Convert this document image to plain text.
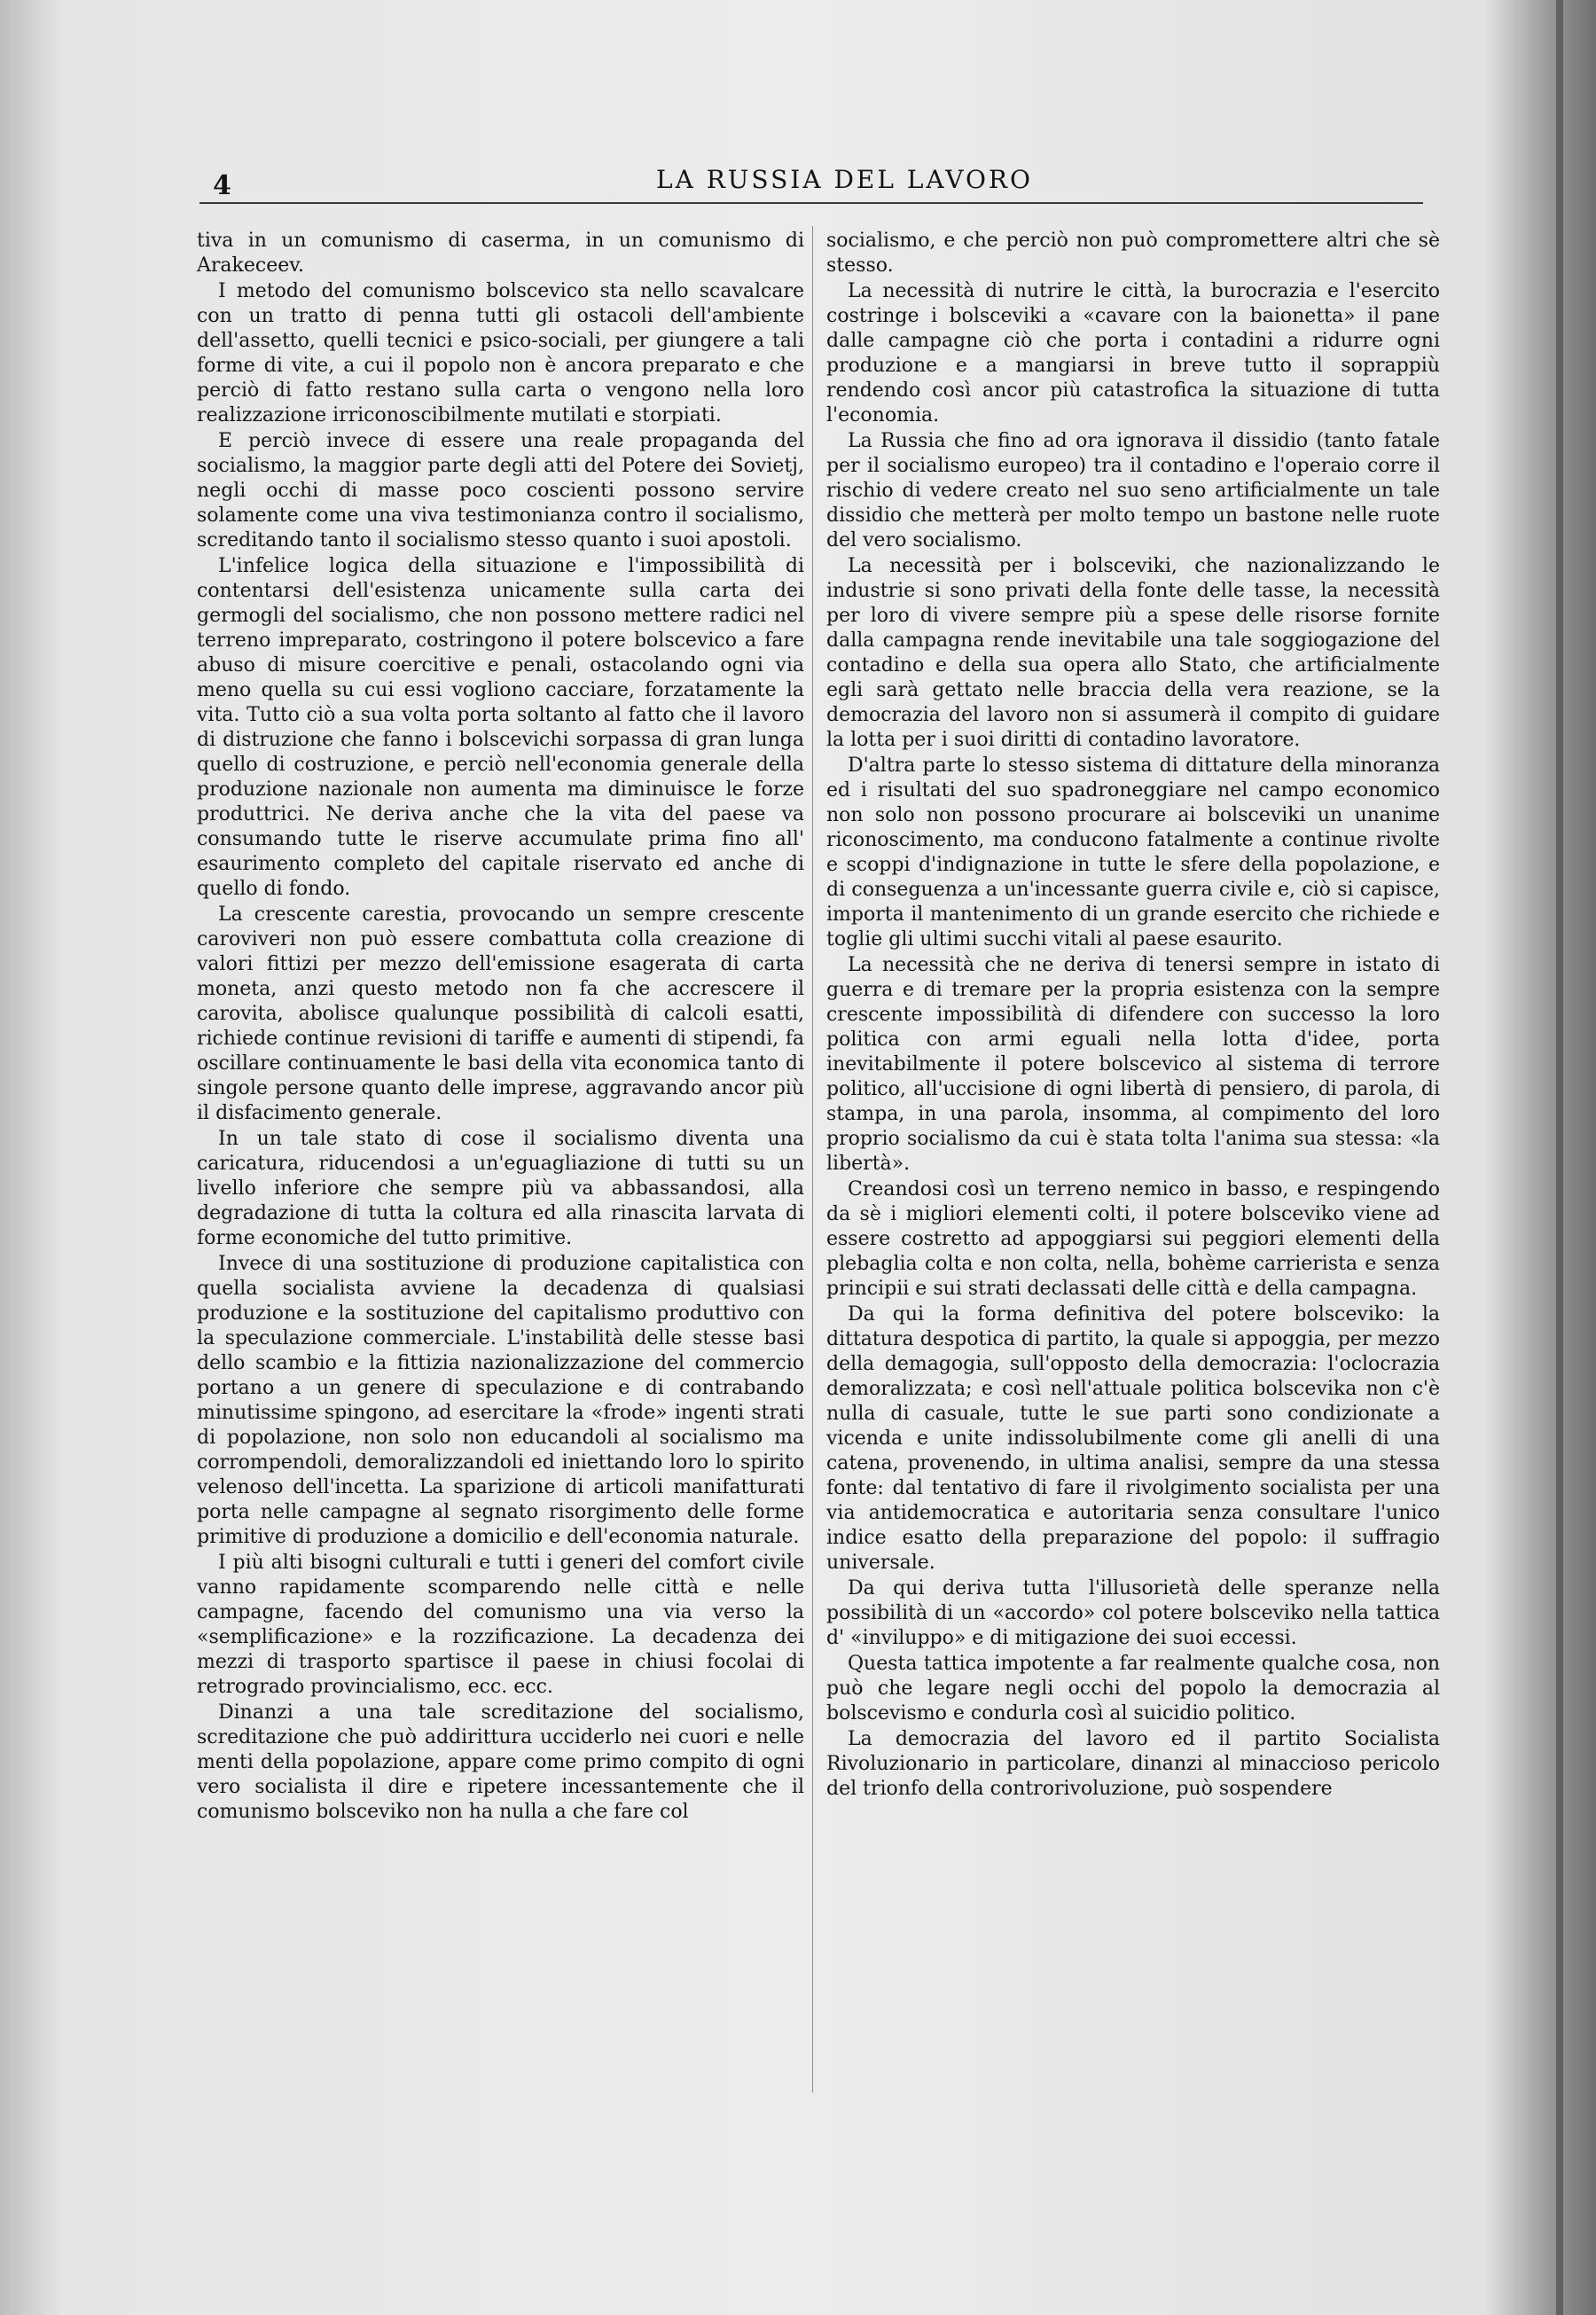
4	LA RUSSIA DEL LAVORO

tiva in un comunismo di caserma, in un comunismo di Arakeceev.

I metodo del comunismo bolscevico sta nello scavalcare con un tratto di penna tutti gli ostacoli dell'ambiente dell'assetto, quelli tecnici e psico-sociali, per giungere a tali forme di vite, a cui il popolo non è ancora preparato e che perciò di fatto restano sulla carta o vengono nella loro realizzazione irriconoscibilmente mutilati e storpiati.

E perciò invece di essere una reale propaganda del socialismo, la maggior parte degli atti del Potere dei Sovietj, negli occhi di masse poco coscienti possono servire solamente come una viva testimonianza contro il socialismo, screditando tanto il socialismo stesso quanto i suoi apostoli.

L'infelice logica della situazione e l'impossibilità di contentarsi dell'esistenza unicamente sulla carta dei germogli del socialismo, che non possono mettere radici nel terreno impreparato, costringono il potere bolscevico a fare abuso di misure coercitive e penali, ostacolando ogni via meno quella su cui essi vogliono cacciare, forzatamente la vita. Tutto ciò a sua volta porta soltanto al fatto che il lavoro di distruzione che fanno i bolscevichi sorpassa di gran lunga quello di costruzione, e perciò nell'economia generale della produzione nazionale non aumenta ma diminuisce le forze produttrici. Ne deriva anche che la vita del paese va consumando tutte le riserve accumulate prima fino all' esaurimento completo del capitale riservato ed anche di quello di fondo.

La crescente carestia, provocando un sempre crescente caroviveri non può essere combattuta colla creazione di valori fittizi per mezzo dell'emissione esagerata di carta moneta, anzi questo metodo non fa che accrescere il carovita, abolisce qualunque possibilità di calcoli esatti, richiede continue revisioni di tariffe e aumenti di stipendi, fa oscillare continuamente le basi della vita economica tanto di singole persone quanto delle imprese, aggravando ancor più il disfacimento generale.

In un tale stato di cose il socialismo diventa una caricatura, riducendosi a un'eguagliazione di tutti su un livello inferiore che sempre più va abbassandosi, alla degradazione di tutta la coltura ed alla rinascita larvata di forme economiche del tutto primitive.

Invece di una sostituzione di produzione capitalistica con quella socialista avviene la decadenza di qualsiasi produzione e la sostituzione del capitalismo produttivo con la speculazione commerciale. L'instabilità delle stesse basi dello scambio e la fittizia nazionalizzazione del commercio portano a un genere di speculazione e di contrabando minutissime spingono, ad esercitare la «frode» ingenti strati di popolazione, non solo non educandoli al socialismo ma corrompendoli, demoralizzandoli ed iniettando loro lo spirito velenoso dell'incetta. La sparizione di articoli manifatturati porta nelle campagne al segnato risorgimento delle forme primitive di produzione a domicilio e dell'economia naturale.

I più alti bisogni culturali e tutti i generi del comfort civile vanno rapidamente scomparendo nelle città e nelle campagne, facendo del comunismo una via verso la «semplificazione» e la rozzificazione. La decadenza dei mezzi di trasporto spartisce il paese in chiusi focolai di retrogrado provincialismo, ecc. ecc.

Dinanzi a una tale screditazione del socialismo, screditazione che può addirittura ucciderlo nei cuori e nelle menti della popolazione, appare come primo compito di ogni vero socialista il dire e ripetere incessantemente che il comunismo bolsceviko non ha nulla a che fare col

socialismo, e che perciò non può compromettere altri che sè stesso.

La necessità di nutrire le città, la burocrazia e l'esercito costringe i bolsceviki a «cavare con la baionetta» il pane dalle campagne ciò che porta i contadini a ridurre ogni produzione e a mangiarsi in breve tutto il soprappiù rendendo così ancor più catastrofica la situazione di tutta l'economia.

La Russia che fino ad ora ignorava il dissidio (tanto fatale per il socialismo europeo) tra il contadino e l'operaio corre il rischio di vedere creato nel suo seno artificialmente un tale dissidio che metterà per molto tempo un bastone nelle ruote del vero socialismo.

La necessità per i bolsceviki, che nazionalizzando le industrie si sono privati della fonte delle tasse, la necessità per loro di vivere sempre più a spese delle risorse fornite dalla campagna rende inevitabile una tale soggiogazione del contadino e della sua opera allo Stato, che artificialmente egli sarà gettato nelle braccia della vera reazione, se la democrazia del lavoro non si assumerà il compito di guidare la lotta per i suoi diritti di contadino lavoratore.

D'altra parte lo stesso sistema di dittature della minoranza ed i risultati del suo spadroneggiare nel campo economico non solo non possono procurare ai bolsceviki un unanime riconoscimento, ma conducono fatalmente a continue rivolte e scoppi d'indignazione in tutte le sfere della popolazione, e di conseguenza a un'incessante guerra civile e, ciò si capisce, importa il mantenimento di un grande esercito che richiede e toglie gli ultimi succhi vitali al paese esaurito.

La necessità che ne deriva di tenersi sempre in istato di guerra e di tremare per la propria esistenza con la sempre crescente impossibilità di difendere con successo la loro politica con armi eguali nella lotta d'idee, porta inevitabilmente il potere bolscevico al sistema di terrore politico, all'uccisione di ogni libertà di pensiero, di parola, di stampa, in una parola, insomma, al compimento del loro proprio socialismo da cui è stata tolta l'anima sua stessa: «la libertà».

Creandosi così un terreno nemico in basso, e respingendo da sè i migliori elementi colti, il potere bolsceviko viene ad essere costretto ad appoggiarsi sui peggiori elementi della plebaglia colta e non colta, nella, bohème carrierista e senza principii e sui strati declassati delle città e della campagna.

Da qui la forma definitiva del potere bolsceviko: la dittatura despotica di partito, la quale si appoggia, per mezzo della demagogia, sull'opposto della democrazia: l'oclocrazia demoralizzata; e così nell'attuale politica bolscevika non c'è nulla di casuale, tutte le sue parti sono condizionate a vicenda e unite indissolubilmente come gli anelli di una catena, provenendo, in ultima analisi, sempre da una stessa fonte: dal tentativo di fare il rivolgimento socialista per una via antidemocratica e autoritaria senza consultare l'unico indice esatto della preparazione del popolo: il suffragio universale.

Da qui deriva tutta l'illusorietà delle speranze nella possibilità di un «accordo» col potere bolsceviko nella tattica d' «inviluppo» e di mitigazione dei suoi eccessi.

Questa tattica impotente a far realmente qualche cosa, non può che legare negli occhi del popolo la democrazia al bolscevismo e condurla così al suicidio politico.

La democrazia del lavoro ed il partito Socialista Rivoluzionario in particolare, dinanzi al minaccioso pericolo del trionfo della controrivoluzione, può sospendere
